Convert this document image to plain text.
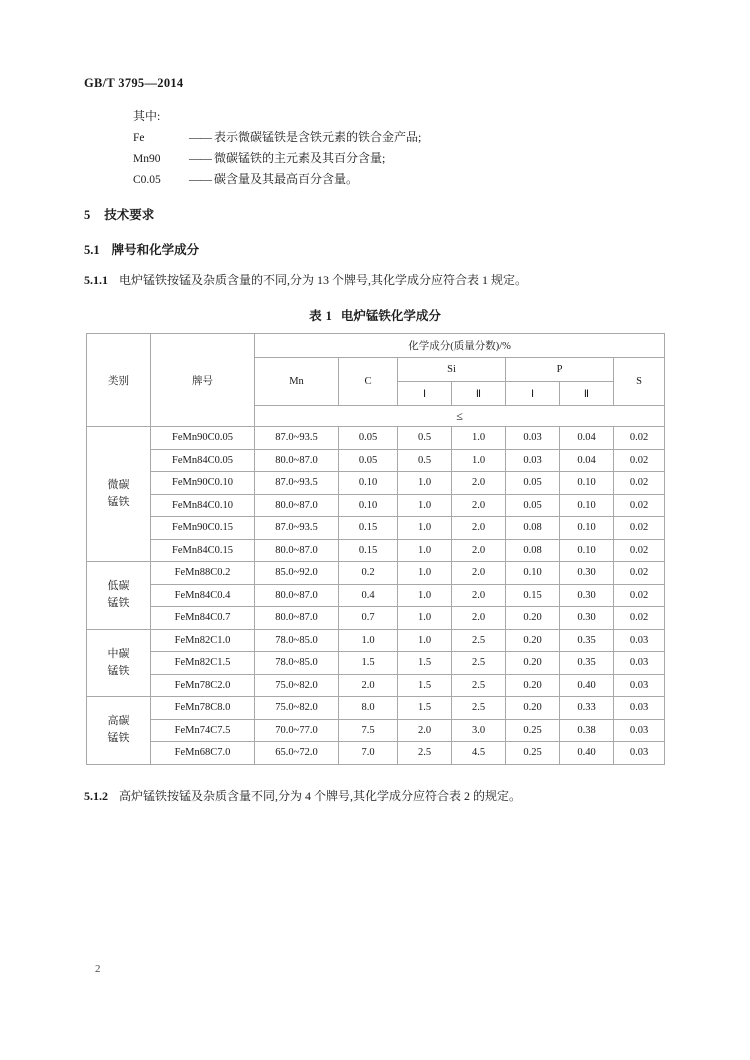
GB/T 3795—2014
其中:
Fe	—— 表示微碳锰铁是含铁元素的铁合金产品;
Mn90	—— 微碳锰铁的主元素及其百分含量;
C0.05	—— 碳含量及其最高百分含量。
5 技术要求
5.1 牌号和化学成分
5.1.1 电炉锰铁按锰及杂质含量的不同,分为 13 个牌号,其化学成分应符合表 1 规定。
表 1 电炉锰铁化学成分
类别	牌号	化学成分(质量分数)/%						
		Mn	C	Si		P		S
				Ⅰ	Ⅱ	Ⅰ	Ⅱ	
		≤						
微碳
锰铁	FeMn90C0.05	87.0~93.5	0.05	0.5	1.0	0.03	0.04	0.02
	FeMn84C0.05	80.0~87.0	0.05	0.5	1.0	0.03	0.04	0.02
	FeMn90C0.10	87.0~93.5	0.10	1.0	2.0	0.05	0.10	0.02
	FeMn84C0.10	80.0~87.0	0.10	1.0	2.0	0.05	0.10	0.02
	FeMn90C0.15	87.0~93.5	0.15	1.0	2.0	0.08	0.10	0.02
	FeMn84C0.15	80.0~87.0	0.15	1.0	2.0	0.08	0.10	0.02
低碳
锰铁	FeMn88C0.2	85.0~92.0	0.2	1.0	2.0	0.10	0.30	0.02
	FeMn84C0.4	80.0~87.0	0.4	1.0	2.0	0.15	0.30	0.02
	FeMn84C0.7	80.0~87.0	0.7	1.0	2.0	0.20	0.30	0.02
中碳
锰铁	FeMn82C1.0	78.0~85.0	1.0	1.0	2.5	0.20	0.35	0.03
	FeMn82C1.5	78.0~85.0	1.5	1.5	2.5	0.20	0.35	0.03
	FeMn78C2.0	75.0~82.0	2.0	1.5	2.5	0.20	0.40	0.03
高碳
锰铁	FeMn78C8.0	75.0~82.0	8.0	1.5	2.5	0.20	0.33	0.03
	FeMn74C7.5	70.0~77.0	7.5	2.0	3.0	0.25	0.38	0.03
	FeMn68C7.0	65.0~72.0	7.0	2.5	4.5	0.25	0.40	0.03
5.1.2 高炉锰铁按锰及杂质含量不同,分为 4 个牌号,其化学成分应符合表 2 的规定。
2
